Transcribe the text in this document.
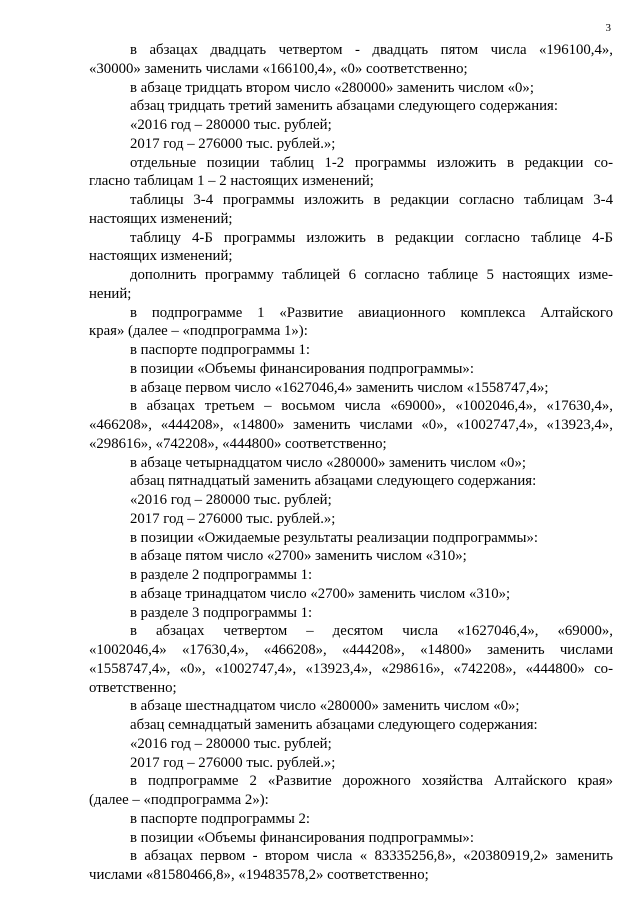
3
в абзацах двадцать четвертом - двадцать пятом числа «196100,4»,
«30000» заменить числами «166100,4», «0» соответственно;
в абзаце тридцать втором число «280000» заменить числом «0»;
абзац тридцать третий заменить абзацами следующего содержания:
«2016 год – 280000 тыс. рублей;
2017 год – 276000 тыс. рублей.»;
отдельные позиции таблиц 1-2 программы изложить в редакции со-
гласно таблицам 1 – 2 настоящих изменений;
таблицы 3-4 программы изложить в редакции согласно таблицам 3-4
настоящих изменений;
таблицу 4-Б программы изложить в редакции согласно таблице 4-Б
настоящих изменений;
дополнить программу таблицей 6 согласно таблице 5 настоящих изме-
нений;
в подпрограмме 1 «Развитие авиационного комплекса Алтайского
края» (далее – «подпрограмма 1»):
в паспорте подпрограммы 1:
в позиции «Объемы финансирования подпрограммы»:
в абзаце первом число «1627046,4» заменить числом «1558747,4»;
в абзацах третьем – восьмом числа «69000», «1002046,4», «17630,4»,
«466208», «444208», «14800» заменить числами «0», «1002747,4», «13923,4»,
«298616», «742208», «444800» соответственно;
в абзаце четырнадцатом число «280000» заменить числом «0»;
абзац пятнадцатый заменить абзацами следующего содержания:
«2016 год – 280000 тыс. рублей;
2017 год – 276000 тыс. рублей.»;
в позиции «Ожидаемые результаты реализации подпрограммы»:
в абзаце пятом число «2700» заменить числом «310»;
в разделе 2 подпрограммы 1:
в абзаце тринадцатом число «2700» заменить числом «310»;
в разделе 3 подпрограммы 1:
в абзацах четвертом – десятом числа «1627046,4», «69000»,
«1002046,4» «17630,4», «466208», «444208», «14800» заменить числами
«1558747,4», «0», «1002747,4», «13923,4», «298616», «742208», «444800» со-
ответственно;
в абзаце шестнадцатом число «280000» заменить числом «0»;
абзац семнадцатый заменить абзацами следующего содержания:
«2016 год – 280000 тыс. рублей;
2017 год – 276000 тыс. рублей.»;
в подпрограмме 2 «Развитие дорожного хозяйства Алтайского края»
(далее – «подпрограмма 2»):
в паспорте подпрограммы 2:
в позиции «Объемы финансирования подпрограммы»:
в абзацах первом - втором числа « 83335256,8», «20380919,2» заменить
числами «81580466,8», «19483578,2» соответственно;
